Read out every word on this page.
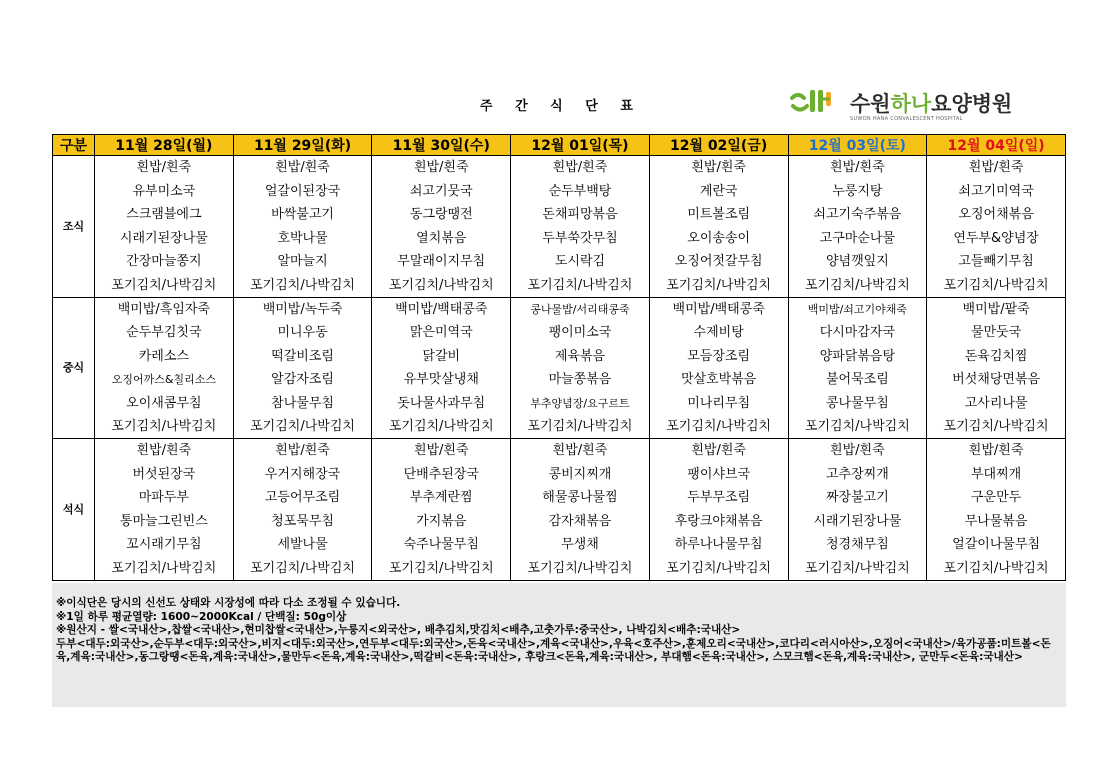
주 간 식 단 표	수원하나요양병원
SUWON HANA CONVALESCENT HOSPITAL
구분	11월 28일(월)	11월 29일(화)	11월 30일(수)	12월 01일(목)	12월 02일(금)	12월 03일(토)	12월 04일(일)
조식	흰밥/흰죽	흰밥/흰죽	흰밥/흰죽	흰밥/흰죽	흰밥/흰죽	흰밥/흰죽	흰밥/흰죽
	유부미소국	얼갈이된장국	쇠고기뭇국	순두부백탕	계란국	누룽지탕	쇠고기미역국
	스크램블에그	바싹불고기	동그랑땡전	돈채피망볶음	미트볼조림	쇠고기숙주볶음	오징어채볶음
	시래기된장나물	호박나물	열치볶음	두부쑥갓무침	오이송송이	고구마순나물	연두부&양념장
	간장마늘쫑지	알마늘지	무말래이지무침	도시락김	오징어젓갈무침	양념깻잎지	고들빼기무침
	포기김치/나박김치	포기김치/나박김치	포기김치/나박김치	포기김치/나박김치	포기김치/나박김치	포기김치/나박김치	포기김치/나박김치
중식	백미밥/흑임자죽	백미밥/녹두죽	백미밥/백태콩죽	콩나물밥/서리태콩죽	백미밥/백태콩죽	백미밥/쇠고기야채죽	백미밥/팥죽
	순두부김칫국	미니우동	맑은미역국	팽이미소국	수제비탕	다시마감자국	물만둣국
	카레소스	떡갈비조림	닭갈비	제육볶음	모듬장조림	양파닭볶음탕	돈육김치찜
	오징어까스&칠리소스	알감자조림	유부맛살냉채	마늘쫑볶음	맛살호박볶음	불어묵조림	버섯채당면볶음
	오이새콤무침	참나물무침	돗나물사과무침	부추양념장/요구르트	미나리무침	콩나물무침	고사리나물
	포기김치/나박김치	포기김치/나박김치	포기김치/나박김치	포기김치/나박김치	포기김치/나박김치	포기김치/나박김치	포기김치/나박김치
석식	흰밥/흰죽	흰밥/흰죽	흰밥/흰죽	흰밥/흰죽	흰밥/흰죽	흰밥/흰죽	흰밥/흰죽
	버섯된장국	우거지해장국	단배추된장국	콩비지찌개	팽이샤브국	고추장찌개	부대찌개
	마파두부	고등어무조림	부추계란찜	해물콩나물찜	두부무조림	짜장불고기	구운만두
	통마늘그린빈스	청포묵무침	가지볶음	감자채볶음	후랑크야채볶음	시래기된장나물	무나물볶음
	꼬시래기무침	세발나물	숙주나물무침	무생채	하루나나물무침	청경채무침	얼갈이나물무침
	포기김치/나박김치	포기김치/나박김치	포기김치/나박김치	포기김치/나박김치	포기김치/나박김치	포기김치/나박김치	포기김치/나박김치
※이식단은 당시의 신선도 상태와 시장성에 따라 다소 조정될 수 있습니다.
※1일 하루 평균열량: 1600~2000Kcal / 단백질: 50g이상
※원산지 - 쌀<국내산>,찹쌀<국내산>,현미찹쌀<국내산>,누룽지<외국산>, 배추김치,맛김치<배추,고춧가루:중국산>, 나박김치<배추:국내산>
두부<대두:외국산>,순두부<대두:외국산>,비지<대두:외국산>,연두부<대두:외국산>,돈육<국내산>,계육<국내산>,우육<호주산>,훈제오리<국내산>,코다리<러시아산>,오징어<국내산>/육가공품:미트볼<돈육,계육:국내산>,동그랑땡<돈육,계육:국내산>,물만두<돈육,계육:국내산>,떡갈비<돈육:국내산>, 후랑크<돈육,계육:국내산>, 부대햄<돈육:국내산>, 스모크햄<돈육,계육:국내산>, 군만두<돈육:국내산>
